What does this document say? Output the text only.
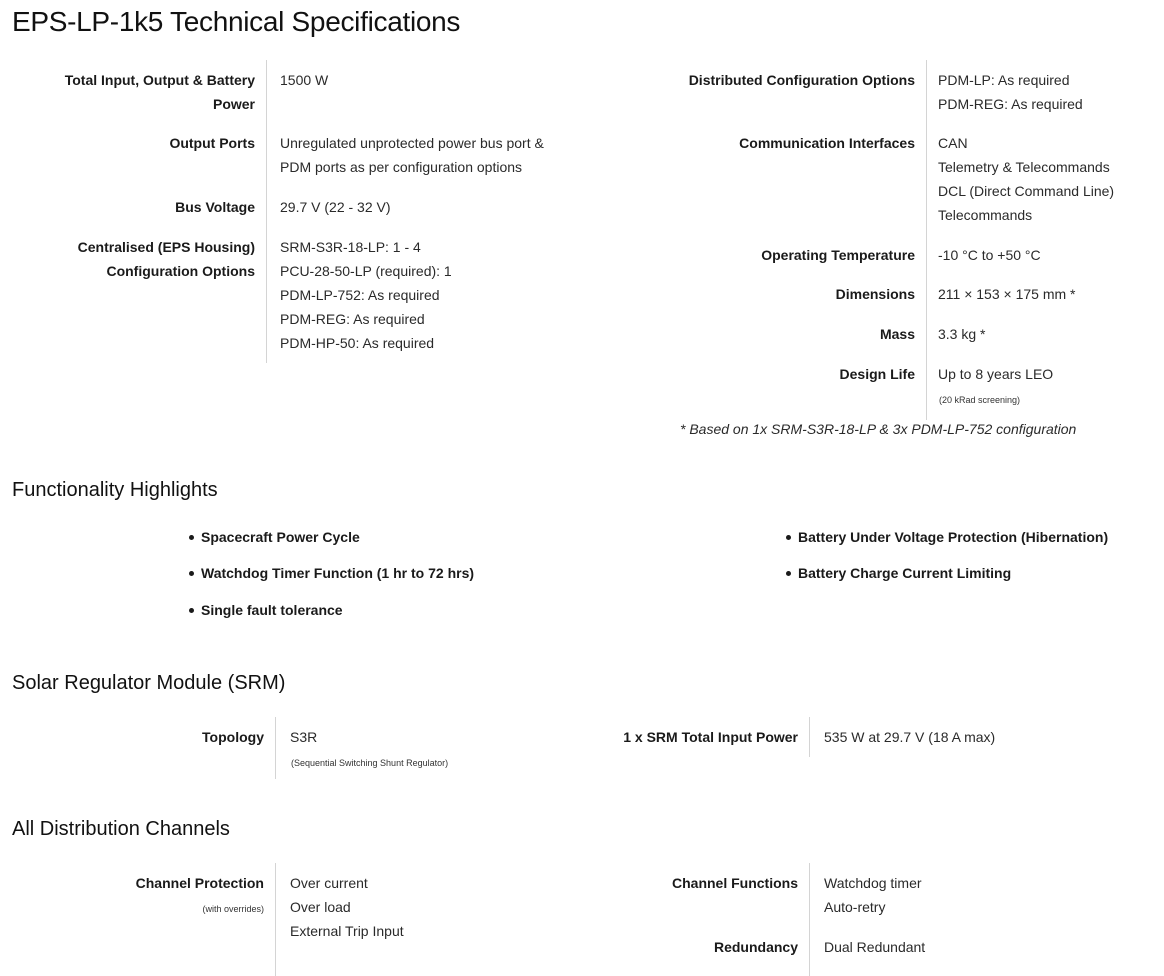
EPS-LP-1k5 Technical Specifications
Total Input, Output & Battery
Power
1500 W
Output Ports Unregulated unprotected power bus port &
PDM ports as per configuration options
Bus Voltage 29.7 V (22 - 32 V)
Centralised (EPS Housing)
Configuration Options
SRM-S3R-18-LP: 1 - 4
PCU-28-50-LP (required): 1
PDM-LP-752: As required
PDM-REG: As required
PDM-HP-50: As required
Distributed Configuration Options PDM-LP: As required
PDM-REG: As required
Communication Interfaces CAN
Telemetry & Telecommands
DCL (Direct Command Line)
Telecommands
Operating Temperature -10 °C to +50 °C
Dimensions 211 × 153 × 175 mm *
Mass 3.3 kg *
Design Life Up to 8 years LEO
(20 kRad screening)
* Based on 1x SRM-S3R-18-LP & 3x PDM-LP-752 configuration
Functionality Highlights
Spacecraft Power Cycle
Watchdog Timer Function (1 hr to 72 hrs)
Single fault tolerance
Battery Under Voltage Protection (Hibernation)
Battery Charge Current Limiting
Solar Regulator Module (SRM)
Topology S3R
(Sequential Switching Shunt Regulator)
1 x SRM Total Input Power 535 W at 29.7 V (18 A max)
All Distribution Channels
Channel Protection
(with overrides)
Over current
Over load
External Trip Input
Channel Functions Watchdog timer
Auto-retry
Redundancy Dual Redundant
